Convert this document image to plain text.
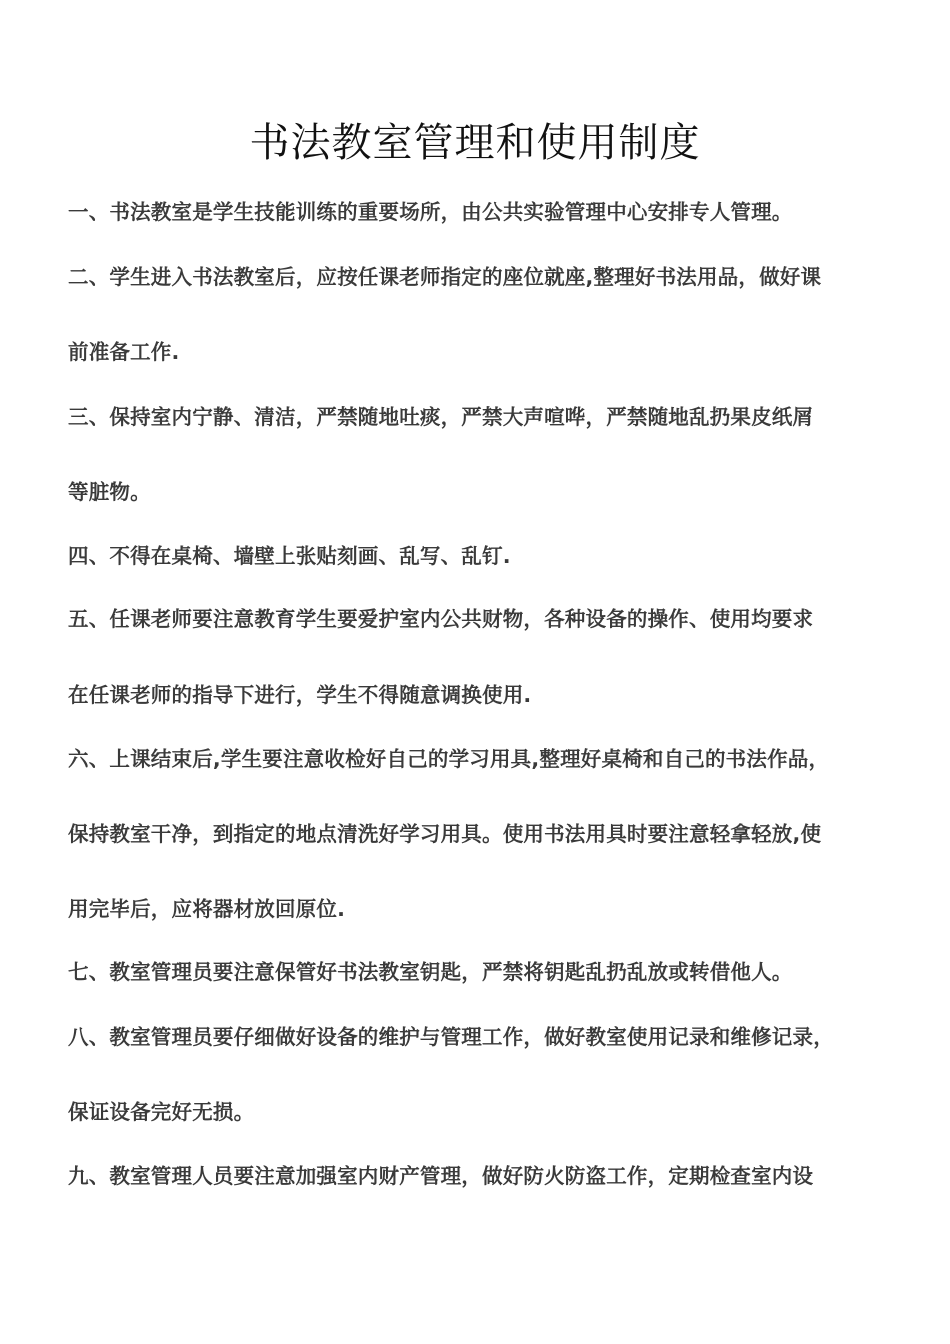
书法教室管理和使用制度
一、书法教室是学生技能训练的重要场所，由公共实验管理中心安排专人管理。
二、学生进入书法教室后，应按任课老师指定的座位就座,整理好书法用品，做好课
前准备工作.
三、保持室内宁静、清洁，严禁随地吐痰，严禁大声喧哗，严禁随地乱扔果皮纸屑
等脏物。
四、不得在桌椅、墙壁上张贴刻画、乱写、乱钉.
五、任课老师要注意教育学生要爱护室内公共财物，各种设备的操作、使用均要求
在任课老师的指导下进行，学生不得随意调换使用.
六、上课结束后,学生要注意收检好自己的学习用具,整理好桌椅和自己的书法作品，
保持教室干净，到指定的地点清洗好学习用具。使用书法用具时要注意轻拿轻放,使
用完毕后，应将器材放回原位.
七、教室管理员要注意保管好书法教室钥匙，严禁将钥匙乱扔乱放或转借他人。
八、教室管理员要仔细做好设备的维护与管理工作，做好教室使用记录和维修记录，
保证设备完好无损。
九、教室管理人员要注意加强室内财产管理，做好防火防盗工作，定期检查室内设
